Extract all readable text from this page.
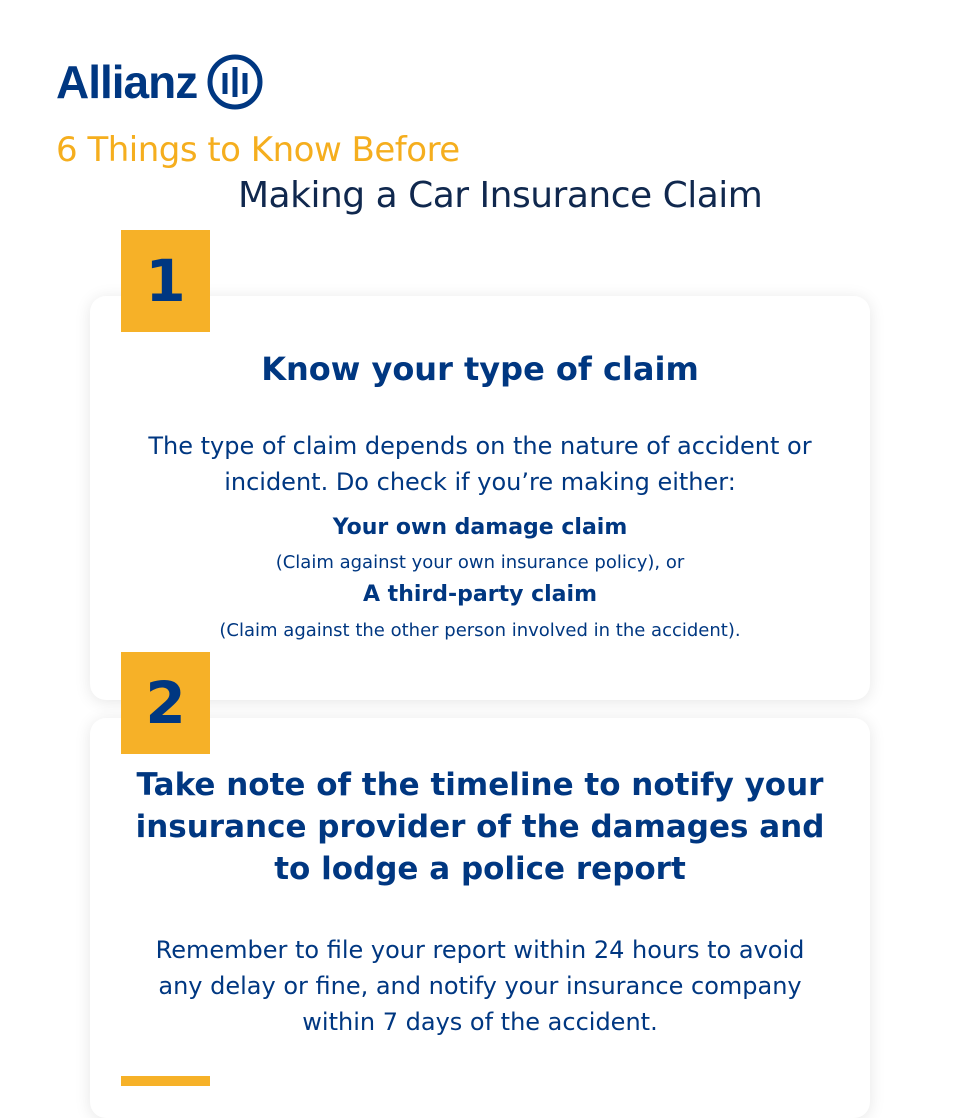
Allianz
6 Things to Know Before
Making a Car Insurance Claim
1
Know your type of claim
The type of claim depends on the nature of accident or incident. Do check if you’re making either:
Your own damage claim
(Claim against your own insurance policy), or
A third-party claim
(Claim against the other person involved in the accident).
2
Take note of the timeline to notify your insurance provider of the damages and to lodge a police report
Remember to file your report within 24 hours to avoid any delay or fine, and notify your insurance company within 7 days of the accident.
